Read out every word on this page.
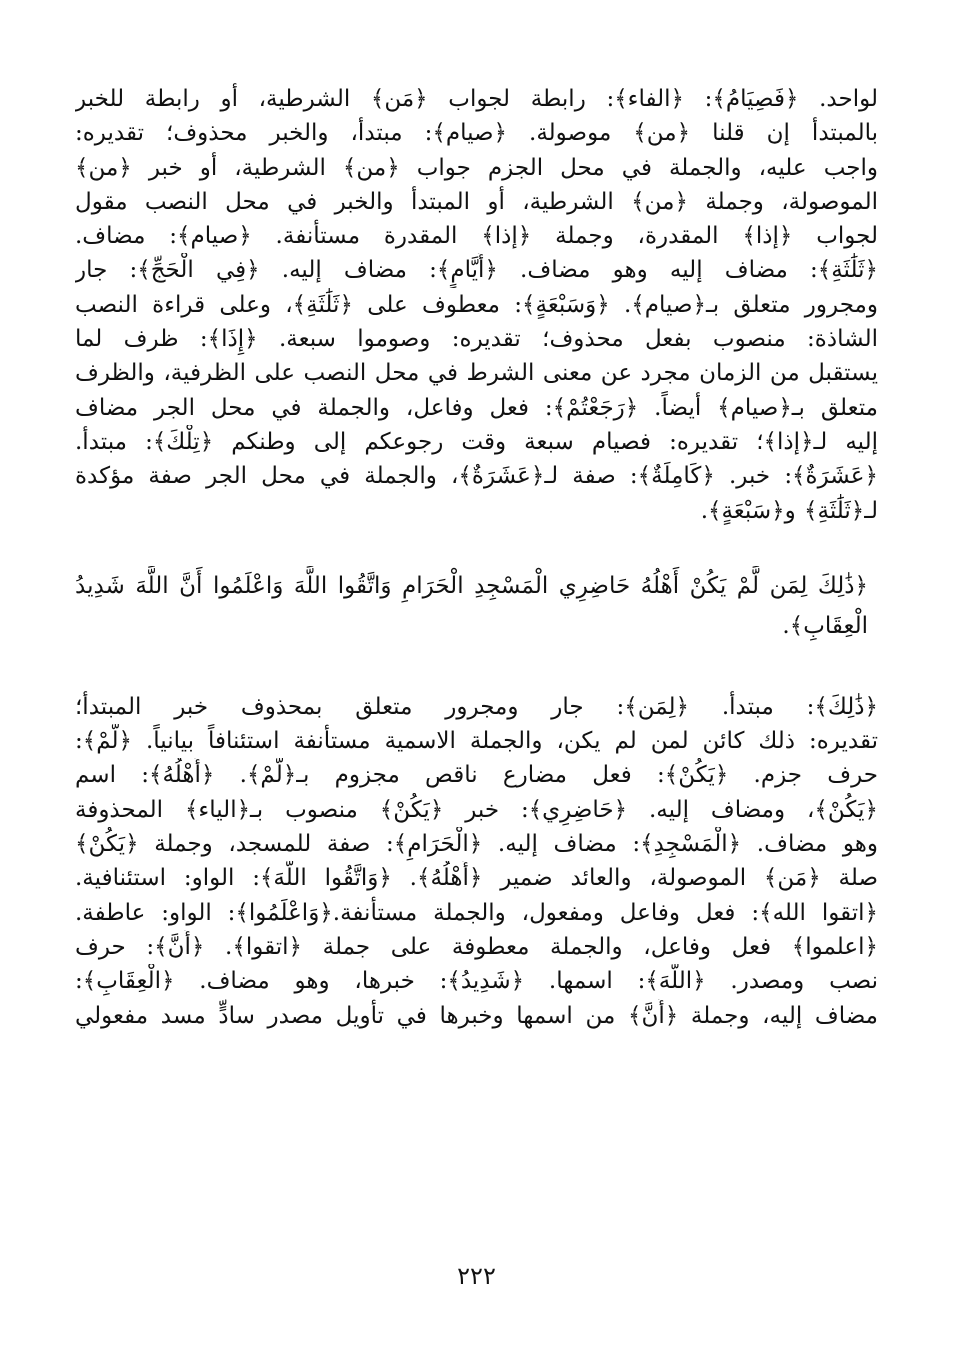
لواحد. ﴿فَصِيَامُ﴾: ﴿الفاء﴾: رابطة لجواب ﴿مَن﴾ الشرطية، أو رابطة للخبر
بالمبتدأ إن قلنا ﴿من﴾ موصولة. ﴿صيام﴾: مبتدأ، والخبر محذوف؛ تقديره:
واجب عليه، والجملة في محل الجزم جواب ﴿من﴾ الشرطية، أو خبر ﴿من﴾
الموصولة، وجملة ﴿من﴾ الشرطية، أو المبتدأ والخبر في محل النصب مقول
لجواب ﴿إذا﴾ المقدرة، وجملة ﴿إذا﴾ المقدرة مستأنفة. ﴿صيام﴾: مضاف.
﴿ثَلَٰثَةِ﴾: مضاف إليه وهو مضاف. ﴿أَيَّامٍ﴾: مضاف إليه. ﴿فِي الْحَجِّ﴾: جار
ومجرور متعلق بـ﴿صيام﴾. ﴿وَسَبْعَةٍ﴾: معطوف على ﴿ثَلَٰثَةِ﴾، وعلى قراءة النصب
الشاذة: منصوب بفعل محذوف؛ تقديره: وصوموا سبعة. ﴿إِذَا﴾: ظرف لما
يستقبل من الزمان مجرد عن معنى الشرط في محل النصب على الظرفية، والظرف
متعلق بـ﴿صيام﴾ أيضاً. ﴿رَجَعْتُمْ﴾: فعل وفاعل، والجملة في محل الجر مضاف
إليه لـ﴿إذا﴾؛ تقديره: فصيام سبعة وقت رجوعكم إلى وطنكم ﴿تِلْكَ﴾: مبتدأ.
﴿عَشَرَةٌ﴾: خبر. ﴿كَامِلَةٌ﴾: صفة لـ﴿عَشَرَةٌ﴾، والجملة في محل الجر صفة مؤكدة
لـ﴿ثَلَٰثَةِ﴾ و﴿سَبْعَةٍ﴾.

﴿ذَٰلِكَ لِمَن لَّمْ يَكُنْ أَهْلُهُ حَاضِرِي الْمَسْجِدِ الْحَرَامِ وَاتَّقُوا اللَّهَ وَاعْلَمُوا أَنَّ اللَّهَ شَدِيدُ
الْعِقَابِ﴾.

﴿ذَٰلِكَ﴾: مبتدأ. ﴿لِمَن﴾: جار ومجرور متعلق بمحذوف خبر المبتدأ؛
تقديره: ذلك كائن لمن لم يكن، والجملة الاسمية مستأنفة استئنافاً بيانياً. ﴿لَّمْ﴾:
حرف جزم. ﴿يَكُنْ﴾: فعل مضارع ناقص مجزوم بـ﴿لَّمْ﴾. ﴿أَهْلُهُ﴾: اسم
﴿يَكُنْ﴾، ومضاف إليه. ﴿حَاضِرِي﴾: خبر ﴿يَكُنْ﴾ منصوب بـ﴿الياء﴾ المحذوفة
وهو مضاف. ﴿الْمَسْجِدِ﴾: مضاف إليه. ﴿الْحَرَامِ﴾: صفة للمسجد، وجملة ﴿يَكُنْ﴾
صلة ﴿مَن﴾ الموصولة، والعائد ضمير ﴿أَهْلُهُ﴾. ﴿وَاتَّقُوا اللَّهَ﴾: الواو: استئنافية.
﴿اتقوا الله﴾: فعل وفاعل ومفعول، والجملة مستأنفة.﴿وَاعْلَمُوا﴾: الواو: عاطفة.
﴿اعلموا﴾ فعل وفاعل، والجملة معطوفة على جملة ﴿اتقوا﴾. ﴿أَنَّ﴾: حرف
نصب ومصدر. ﴿اللَّهَ﴾: اسمها. ﴿شَدِيدُ﴾: خبرها، وهو مضاف. ﴿الْعِقَابِ﴾:
مضاف إليه، وجملة ﴿أَنَّ﴾ من اسمها وخبرها في تأويل مصدر سادٍّ مسد مفعولي

٢٢٢
